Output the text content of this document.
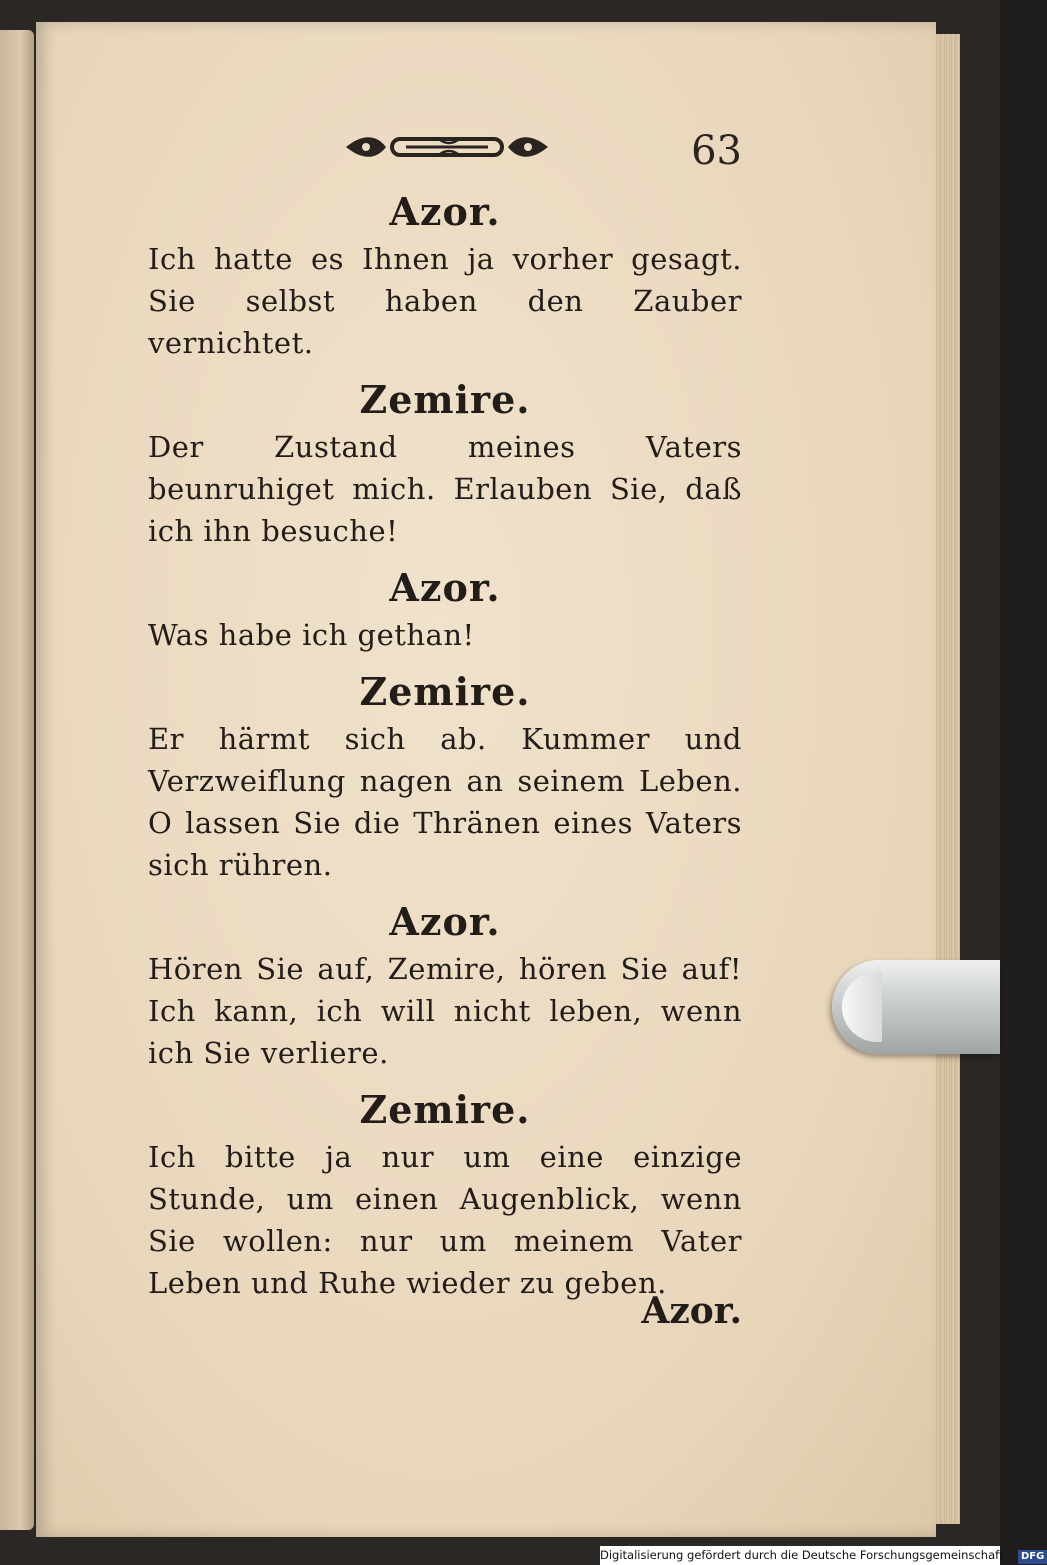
63

Azor.

Ich hatte es Ihnen ja vorher gesagt. Sie selbst haben den Zauber vernichtet.

Zemire.

Der Zustand meines Vaters beunruhiget mich. Erlauben Sie, daß ich ihn besuche!

Azor.

Was habe ich gethan!

Zemire.

Er härmt sich ab. Kummer und Verzweiflung nagen an seinem Leben. O lassen Sie die Thränen eines Vaters sich rühren.

Azor.

Hören Sie auf, Zemire, hören Sie auf! Ich kann, ich will nicht leben, wenn ich Sie verliere.

Zemire.

Ich bitte ja nur um eine einzige Stunde, um einen Augenblick, wenn Sie wollen: nur um meinem Vater Leben und Ruhe wieder zu geben.

Azor.
Digitalisierung gefördert durch die Deutsche Forschungsgemeinschaft - DFG
